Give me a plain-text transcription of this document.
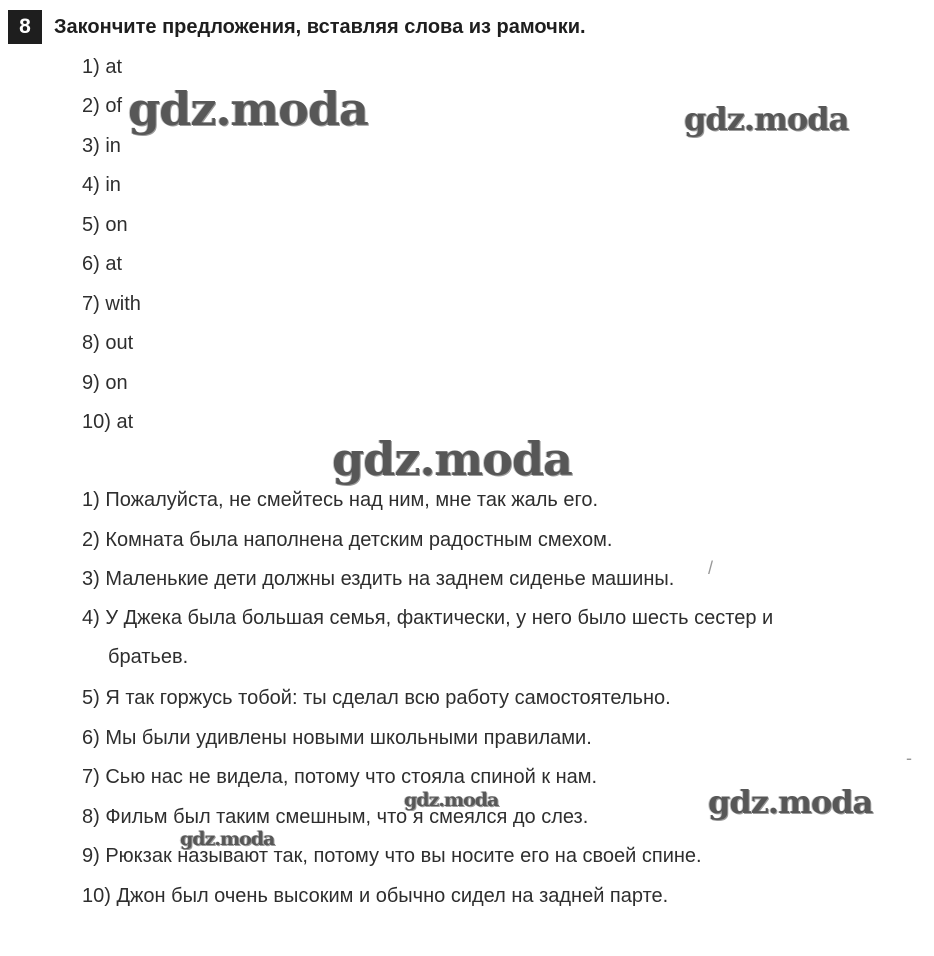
8	Закончите предложения, вставляя слова из рамочки.
1) at
2) of
3) in
4) in
5) on
6) at
7) with
8) out
9) on
10) at
1) Пожалуйста, не смейтесь над ним, мне так жаль его.
2) Комната была наполнена детским радостным смехом.
3) Маленькие дети должны ездить на заднем сиденье машины.
4) У Джека была большая семья, фактически, у него было шесть сестер и
братьев.
5) Я так горжусь тобой: ты сделал всю работу самостоятельно.
6) Мы были удивлены новыми школьными правилами.
7) Сью нас не видела, потому что стояла спиной к нам.
8) Фильм был таким смешным, что я смеялся до слез.
9) Рюкзак называют так, потому что вы носите его на своей спине.
10) Джон был очень высоким и обычно сидел на задней парте.
gdz.moda	gdz.moda
gdz.moda
gdz.moda
gdz.moda
gdz.moda
/
-
